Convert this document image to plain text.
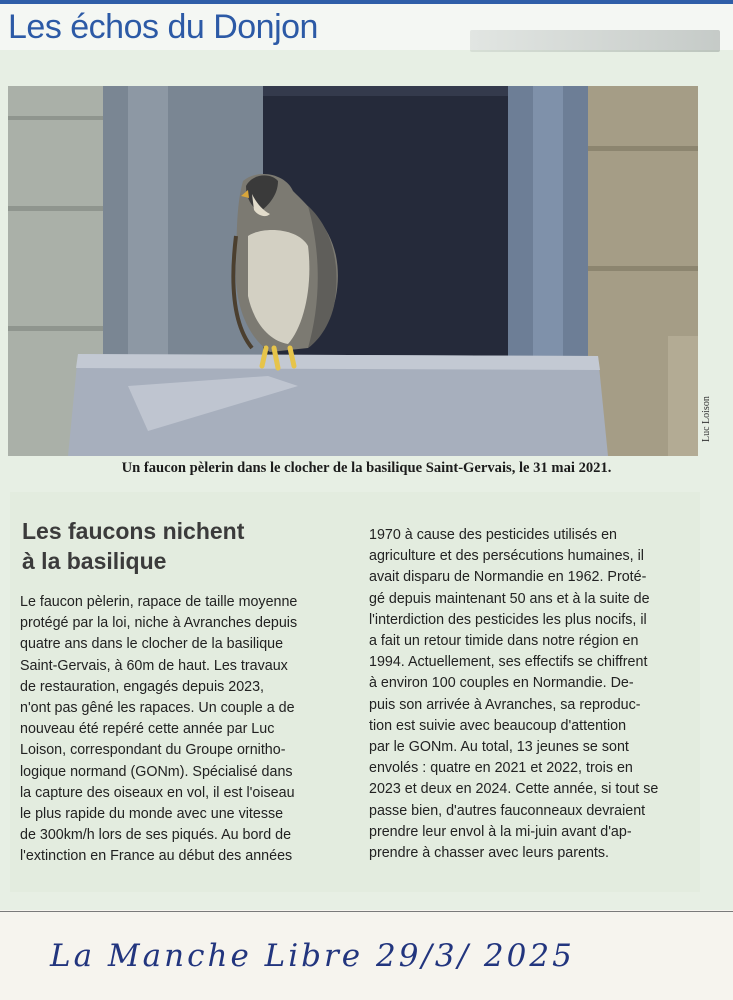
Les échos du Donjon
Luc Loison

Un faucon pèlerin dans le clocher de la basilique Saint-Gervais, le 31 mai 2021.

Les faucons nichent
à la basilique

Le faucon pèlerin, rapace de taille moyenne
protégé par la loi, niche à Avranches depuis
quatre ans dans le clocher de la basilique
Saint-Gervais, à 60m de haut. Les travaux
de restauration, engagés depuis 2023,
n'ont pas gêné les rapaces. Un couple a de
nouveau été repéré cette année par Luc
Loison, correspondant du Groupe ornitho-
logique normand (GONm). Spécialisé dans
la capture des oiseaux en vol, il est l'oiseau
le plus rapide du monde avec une vitesse
de 300km/h lors de ses piqués. Au bord de
l'extinction en France au début des années

1970 à cause des pesticides utilisés en
agriculture et des persécutions humaines, il
avait disparu de Normandie en 1962. Proté-
gé depuis maintenant 50 ans et à la suite de
l'interdiction des pesticides les plus nocifs, il
a fait un retour timide dans notre région en
1994. Actuellement, ses effectifs se chiffrent
à environ 100 couples en Normandie. De-
puis son arrivée à Avranches, sa reproduc-
tion est suivie avec beaucoup d'attention
par le GONm. Au total, 13 jeunes se sont
envolés : quatre en 2021 et 2022, trois en
2023 et deux en 2024. Cette année, si tout se
passe bien, d'autres fauconneaux devraient
prendre leur envol à la mi-juin avant d'ap-
prendre à chasser avec leurs parents.

La Manche Libre 29/3/ 2025
